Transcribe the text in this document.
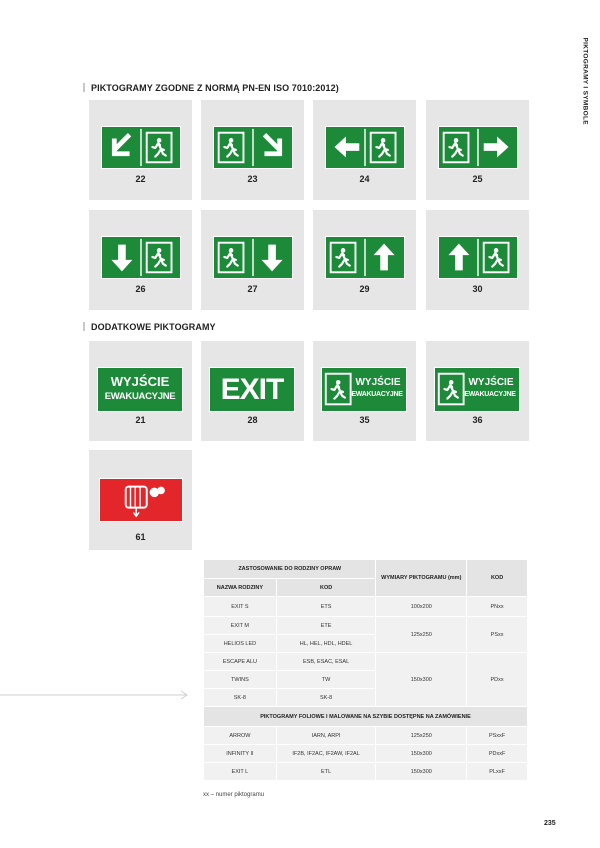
PIKTOGRAMY I SYMBOLE
PIKTOGRAMY ZGODNE Z NORMĄ PN-EN ISO 7010:2012)
DODATKOWE PIKTOGRAMY
22	23	24	25
26	27	29	30
WYJŚCIE
EWAKUACYJNE
21
EXIT
28
WYJŚCIE
EWAKUACYJNE
35
WYJŚCIE
EWAKUACYJNE
36
61
ZASTOSOWANIE DO RODZINY OPRAW		WYMIARY PIKTOGRAMU (mm)	KOD
NAZWA RODZINY	KOD		
EXIT S	ETS	100x200	PNxx
EXIT M	ETE	125x250	PSxx
HELIOS LED	HL, HEL, HDL, HDEL		
ESCAPE ALU	ESB, ESAC, ESAL	150x300	PDxx
TWINS	TW		
SK-8	SK-8		
PIKTOGRAMY FOLIOWE I MALOWANE NA SZYBIE DOSTĘPNE NA ZAMÓWIENIE			
ARROW	IARN, ARPI	125x250	PSxxF
INFINITY II	IF2B, IF2AC, IF2AW, IF2AL	150x300	PDxxF
EXIT L	ETL	150x300	PLxxF
xx – numer piktogramu
235
